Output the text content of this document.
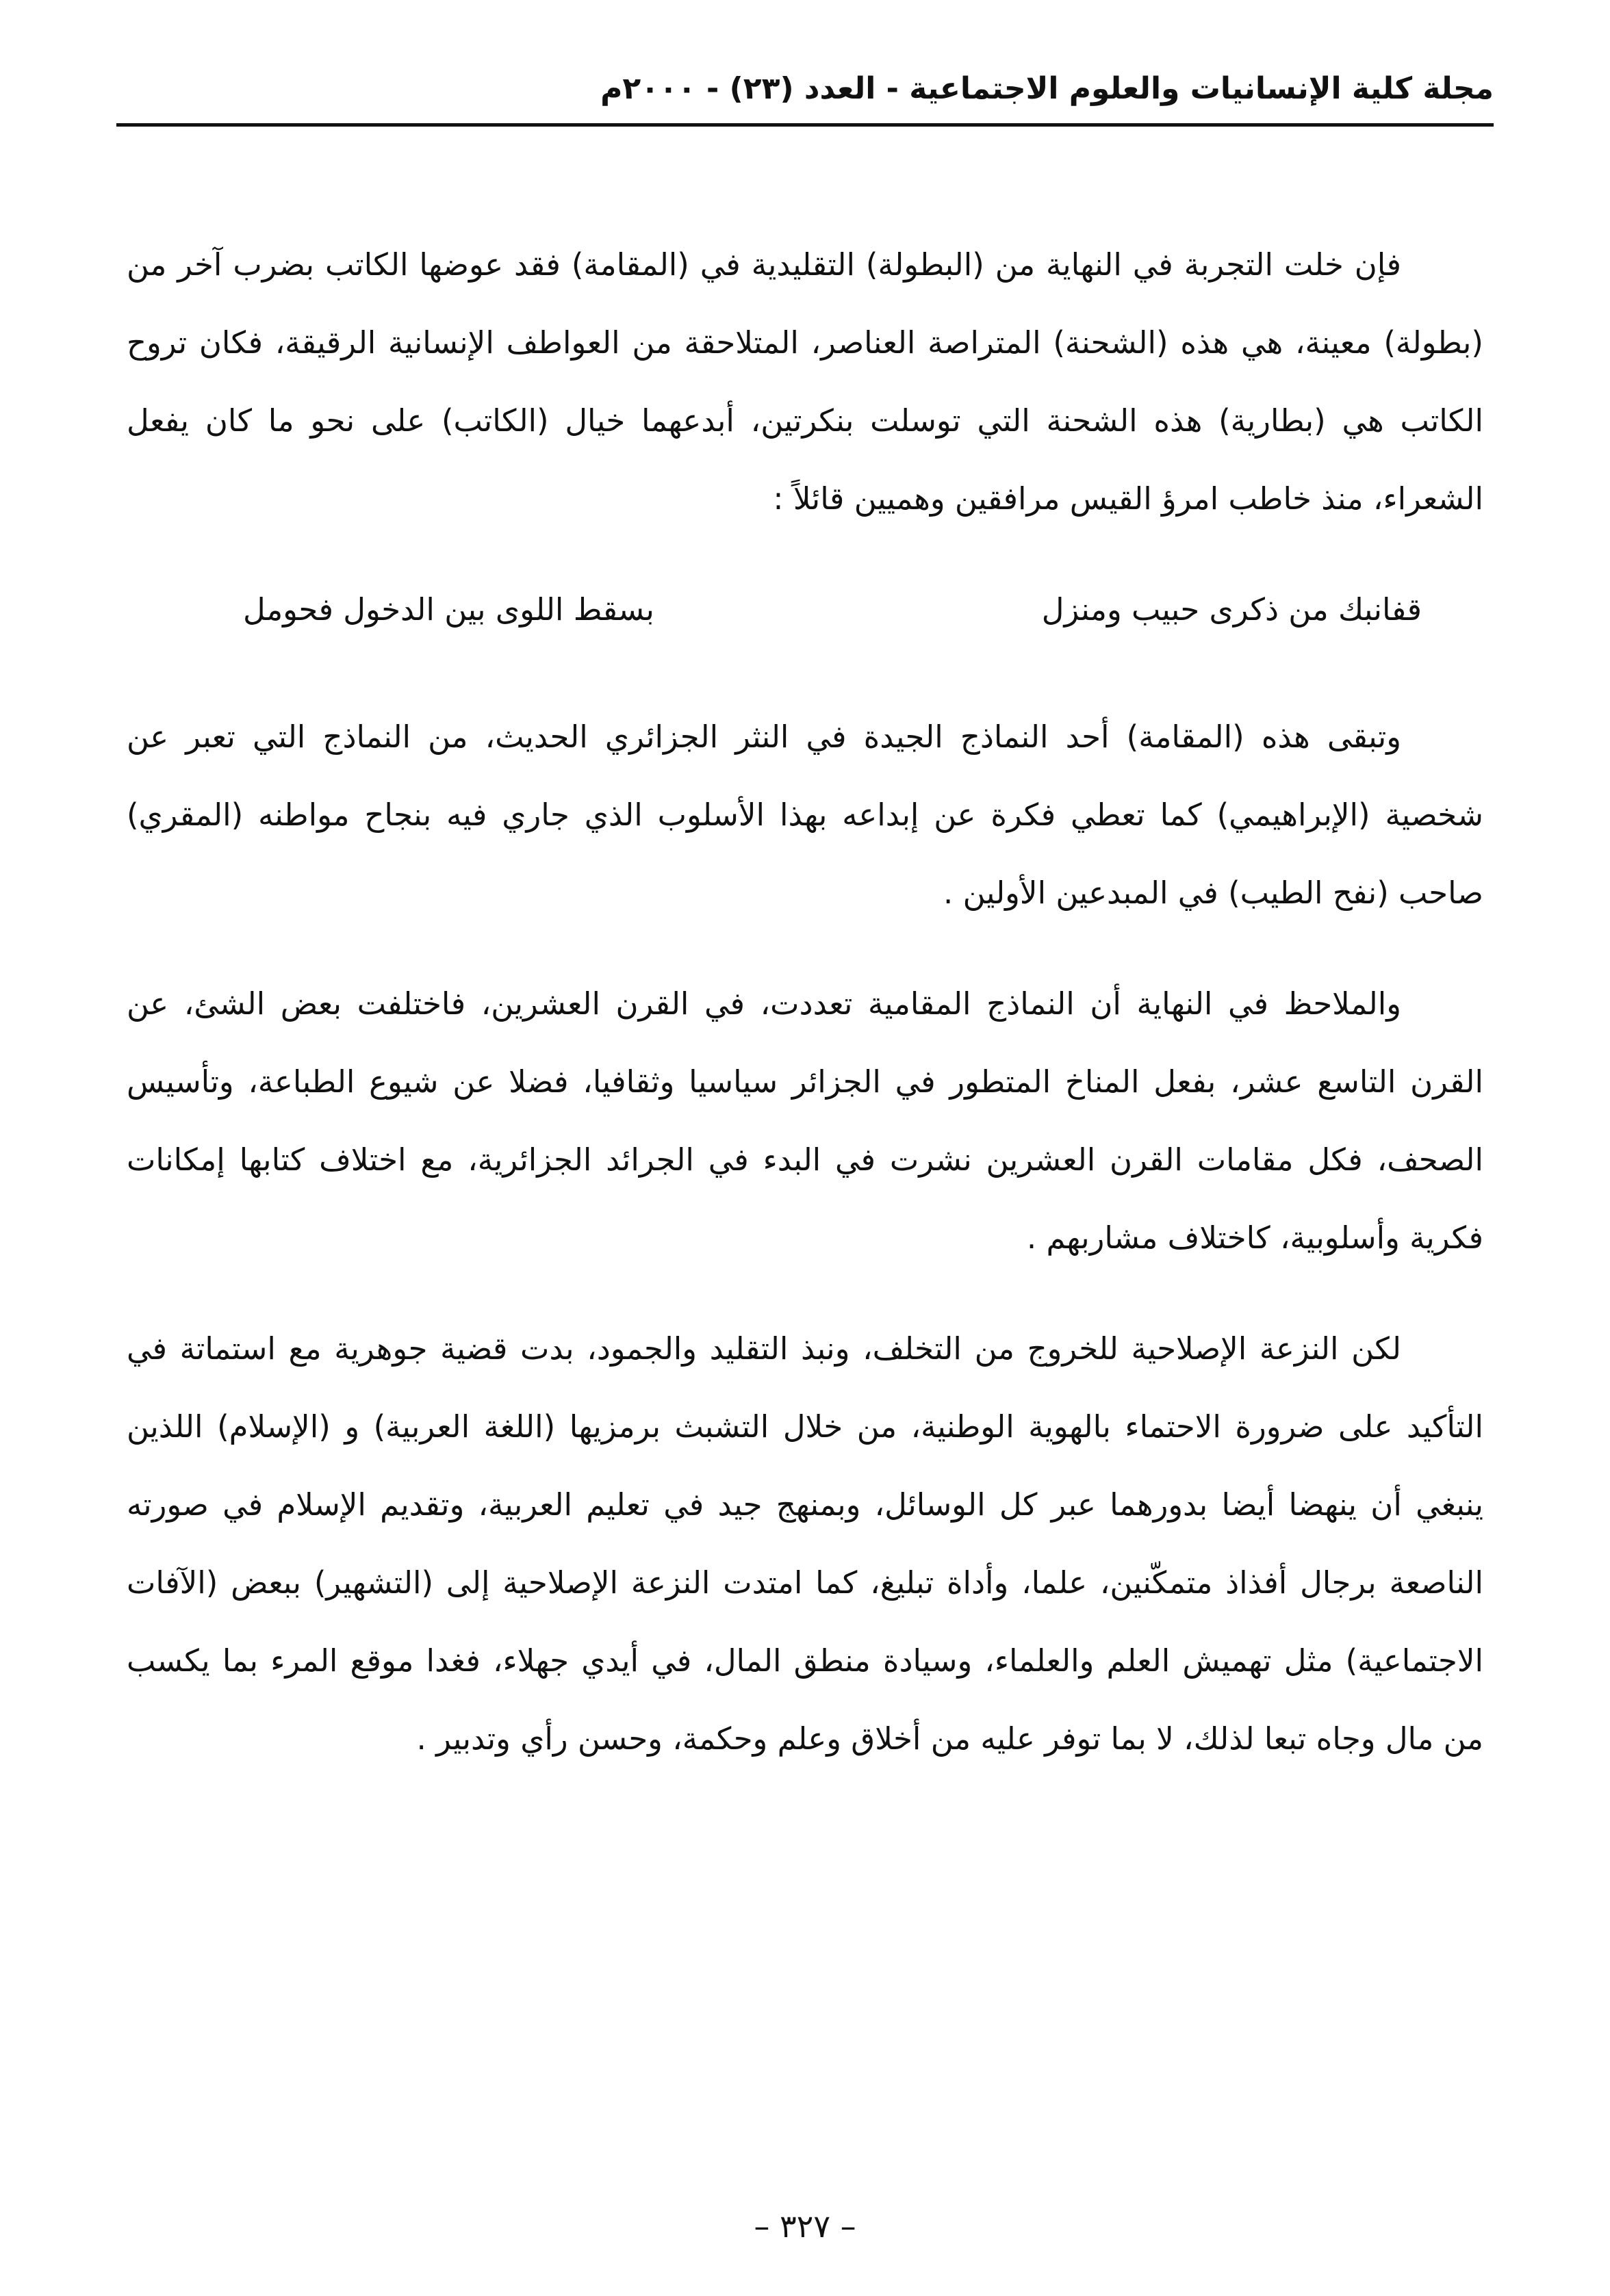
مجلة كلية الإنسانيات والعلوم الاجتماعية - العدد (٢٣) - ٢٠٠٠م

فإن خلت التجربة في النهاية من (البطولة) التقليدية في (المقامة) فقد عوضها الكاتب بضرب آخر من (بطولة) معينة، هي هذه (الشحنة) المتراصة العناصر، المتلاحقة من العواطف الإنسانية الرقيقة، فكان تروح الكاتب هي (بطارية) هذه الشحنة التي توسلت بنكرتين، أبدعهما خيال (الكاتب) على نحو ما كان يفعل الشعراء، منذ خاطب امرؤ القيس مرافقين وهميين قائلاً :

قفانبك من ذكرى حبيب ومنزل
بسقط اللوى بين الدخول فحومل

وتبقى هذه (المقامة) أحد النماذج الجيدة في النثر الجزائري الحديث، من النماذج التي تعبر عن شخصية (الإبراهيمي) كما تعطي فكرة عن إبداعه بهذا الأسلوب الذي جاري فيه بنجاح مواطنه (المقري) صاحب (نفح الطيب) في المبدعين الأولين .

والملاحظ في النهاية أن النماذج المقامية تعددت، في القرن العشرين، فاختلفت بعض الشئ، عن القرن التاسع عشر، بفعل المناخ المتطور في الجزائر سياسيا وثقافيا، فضلا عن شيوع الطباعة، وتأسيس الصحف، فكل مقامات القرن العشرين نشرت في البدء في الجرائد الجزائرية، مع اختلاف كتابها إمكانات فكرية وأسلوبية، كاختلاف مشاربهم .

لكن النزعة الإصلاحية للخروج من التخلف، ونبذ التقليد والجمود، بدت قضية جوهرية مع استماتة في التأكيد على ضرورة الاحتماء بالهوية الوطنية، من خلال التشبث برمزيها (اللغة العربية) و (الإسلام) اللذين ينبغي أن ينهضا أيضا بدورهما عبر كل الوسائل، وبمنهج جيد في تعليم العربية، وتقديم الإسلام في صورته الناصعة برجال أفذاذ متمكّنين، علما، وأداة تبليغ، كما امتدت النزعة الإصلاحية إلى (التشهير) ببعض (الآفات الاجتماعية) مثل تهميش العلم والعلماء، وسيادة منطق المال، في أيدي جهلاء، فغدا موقع المرء بما يكسب من مال وجاه تبعا لذلك، لا بما توفر عليه من أخلاق وعلم وحكمة، وحسن رأي وتدبير .

– ٣٢٧ –
